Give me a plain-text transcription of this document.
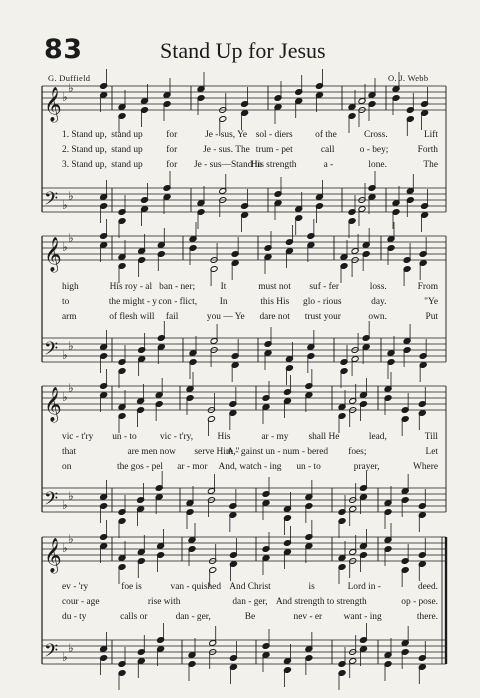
83	Stand Up for Jesus
G. Duffield	O. J. Webb
𝄞
𝄢
♭
♭
♭
♭
𝄞
𝄢
♭
♭
♭
♭
𝄞
𝄢
♭
♭
♭
♭
𝄞
𝄢
♭
♭
♭
♭
1. Stand up, stand up	for	Je - sus, Ye sol - diers of the	Cross.	Lift
2. Stand up, stand up	for	Je - sus. The trum - pet	call	o - bey;	Forth
3. Stand up, stand up	for Je - sus—Stand in
His strength	a -	lone.	The
high	His roy - al ban - ner;	It	must not suf - fer	loss.	From
to	the might - y con - flict, In	this His glo - rious	day.	"Ye
arm	of flesh will fail	you — Ye dare not trust your	own.	Put
vic - t'ry un - to vic - t'ry,	His	ar - my shall He	lead,	Till
that	are men now serve Him,"
A - gainst un - num - bered foes;	Let
on	the gos - pel ar - mor And, watch - ing un - to	prayer,	Where
ev - 'ry	foe is	van - quished And Christ	is	Lord in -	deed.
cour - age	rise with	dan - ger, And strength to strength	op - pose.
du - ty	calls or	dan - ger,	Be	nev - er want - ing	there.
